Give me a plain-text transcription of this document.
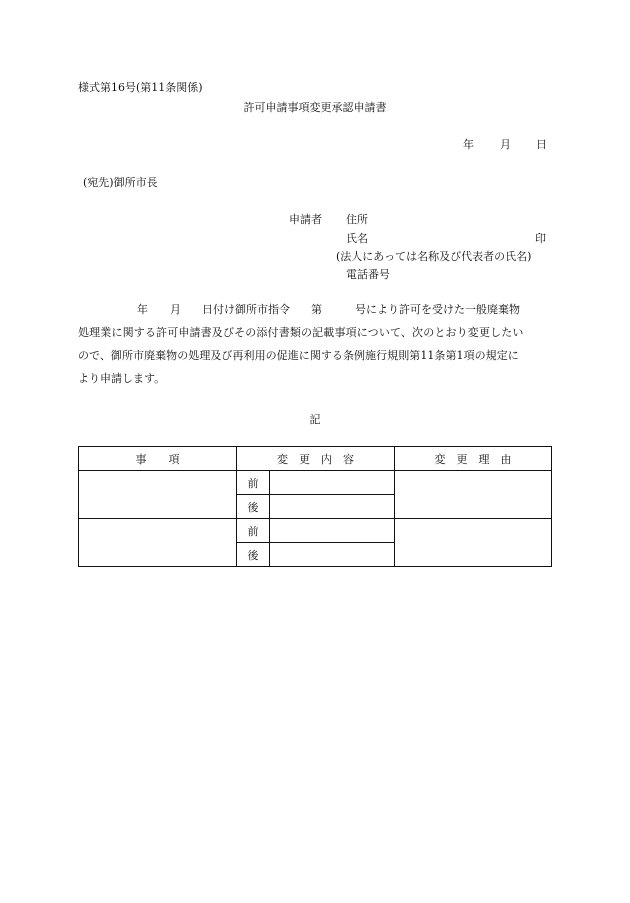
様式第16号(第11条関係)
許可申請事項変更承認申請書
年 月 日
(宛先)御所市長
申請者 住所
氏名	印
(法人にあっては名称及び代表者の氏名)
電話番号
年 月 日付け御所市指令 第	号により許可を受けた一般廃棄物
処理業に関する許可申請書及びその添付書類の記載事項について、次のとおり変更したい
ので、御所市廃棄物の処理及び再利用の促進に関する条例施行規則第11条第1項の規定に
より申請します。
記
事　　項	変　更　内　容		変　更　理　由
	前		
	後		
	前		
	後		
